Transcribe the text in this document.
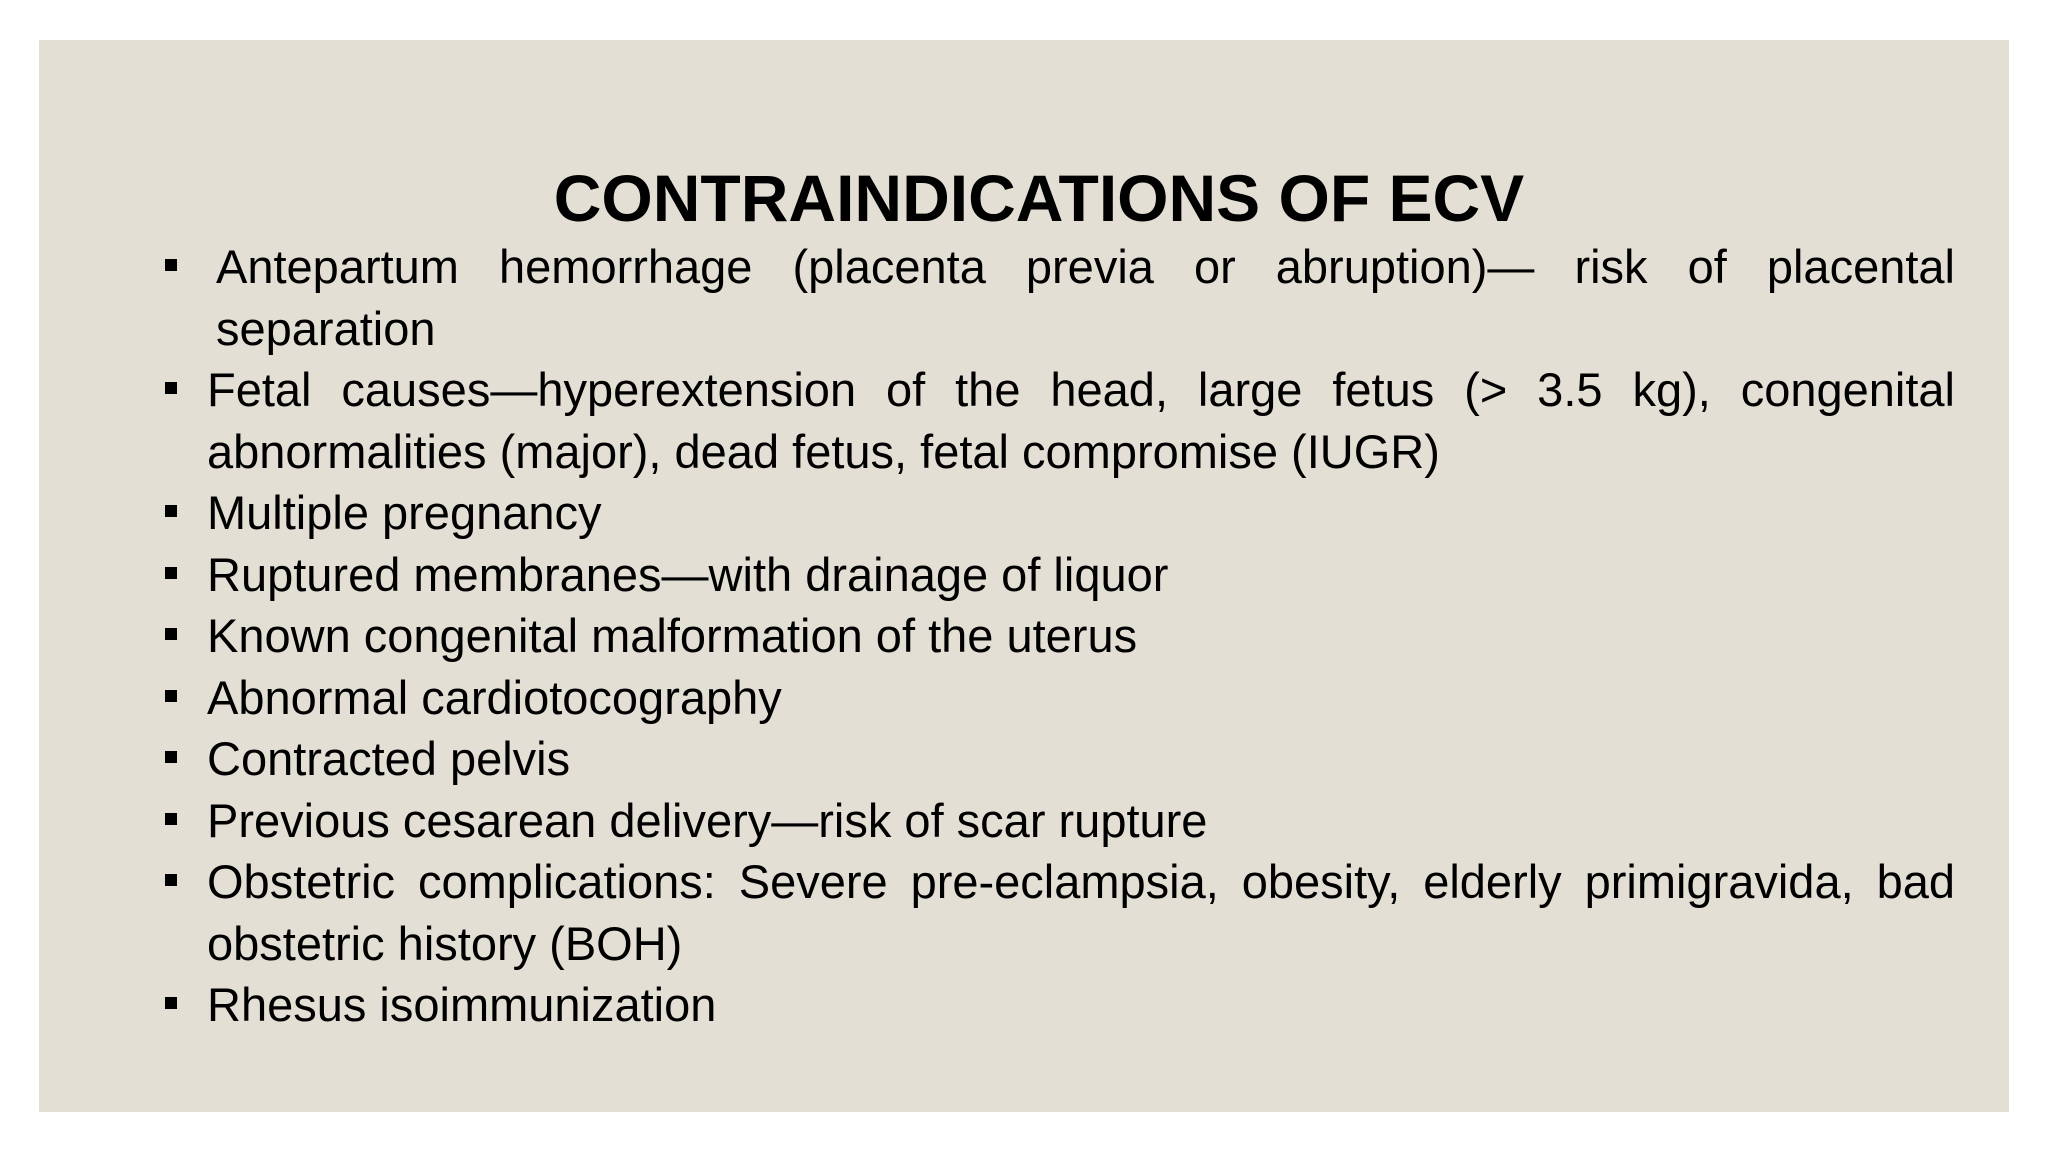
CONTRAINDICATIONS OF ECV
Antepartum hemorrhage (placenta previa or abruption)— risk of placental separation
Fetal causes—hyperextension of the head, large fetus (> 3.5 kg), congenital abnormalities (major), dead fetus, fetal compromise (IUGR)
Multiple pregnancy
Ruptured membranes—with drainage of liquor
Known congenital malformation of the uterus
Abnormal cardiotocography
Contracted pelvis
Previous cesarean delivery—risk of scar rupture
Obstetric complications: Severe pre-eclampsia, obesity, elderly primigravida, bad obstetric history (BOH)
Rhesus isoimmunization
